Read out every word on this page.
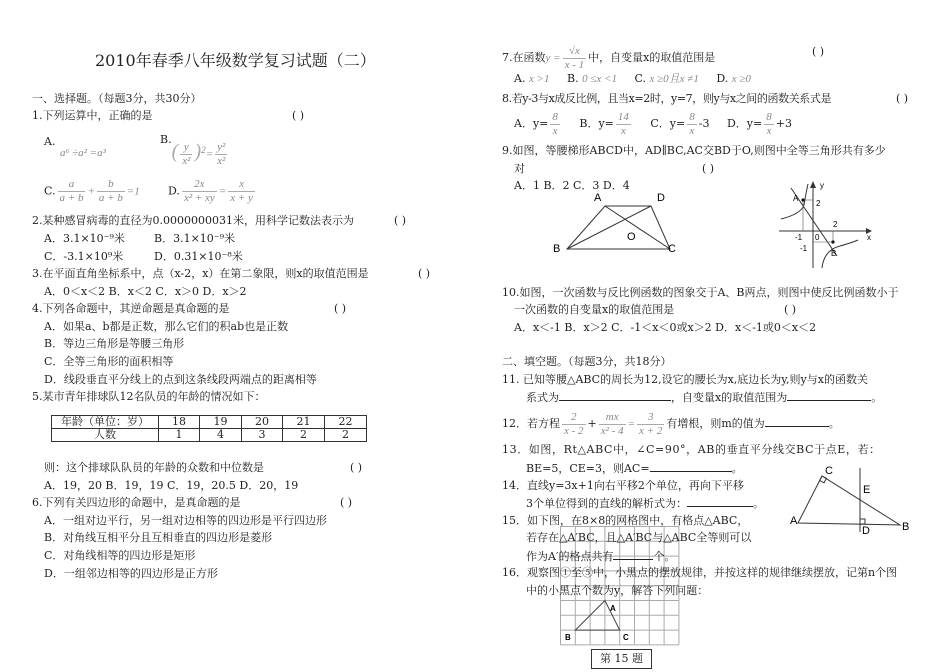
2010年春季八年级数学复习试题（二）
一、选择题。（每题3分，共30分）
1.下列运算中，正确的是	( )
A.
a⁶ ÷a² =a³
$B.( \frac{y}{\text{x²}} )^2= \frac{\text{y²}}{\text{x²}}$
C. $\frac{a}{a + b} + \frac{b}{a + b} =1$	D. $\frac{2x}{\text{x² + xy}} = \frac{x}{x + y}$
2.某种感冒病毒的直径为0.0000000031米，用科学记数法表示为	( )
A．3.1×10⁻⁹米	B．3.1×10⁻⁹米
C．-3.1×10⁹米	D．0.31×10⁻⁸米
3.在平面直角坐标系中，点（x-2，x）在第二象限，则x的取值范围是	( )
A．0＜x＜2 B．x＜2 C．x＞0 D．x＞2
4.下列各命题中，其逆命题是真命题的是	( )
A．如果a、b都是正数，那么它们的积ab也是正数
B．等边三角形是等腰三角形
C．全等三角形的面积相等
D．线段垂直平分线上的点到这条线段两端点的距离相等
5.某市青年排球队12名队员的年龄的情况如下：
年龄（单位：岁）	18	19	20	21	22
人数	1	4	3	2	2
则：这个排球队队员的年龄的众数和中位数是	( )
A．19，20 B．19，19 C．19，20.5 D．20，19
6.下列有关四边形的命题中，是真命题的是	( )
A．一组对边平行，另一组对边相等的四边形是平行四边形
B．对角线互相平分且互相垂直的四边形是菱形
C．对角线相等的四边形是矩形
D．一组邻边相等的四边形是正方形
7.在函数$y = \frac{√x}{x - 1}$ 中，自变量x的取值范围是	( )
A. x >1 B. 0 ≤x <1 C. x ≥0且x ≠1 D. x ≥0
8.若y-3与x成反比例，且当x=2时，y=7，则y与x之间的函数关系式是	( )
A．$y= \frac{8}{x}$ B．$y= \frac{14}{x}$ C．$y= \frac{8}{x} -3$ D．$y= \frac{8}{x} +3$
9.如图，等腰梯形ABCD中，AD∥BC,AC交BD于O,则图中全等三角形共有多少
对	( )
A．1 B．2 C．3 D．4
A	D
B	C
O
y
x
A
B
2
2
-1 0
-1
10.如图，一次函数与反比例函数的图象交于A、B两点，则图中使反比例函数小于
一次函数的自变量x的取值范围是	( )
A．x＜-1 B．x＞2 C．-1＜x＜0或x＞2 D．x＜-1或0＜x＜2
二、填空题。（每题3分，共18分）
11. 已知等腰△ABC的周长为12,设它的腰长为x,底边长为y,则y与x的函数关
系式为	，自变量x的取值范围为	。
12．若方程 $\frac{2}{x - 2} + \frac{mx}{\text{x² - 4}} = \frac{3}{x + 2}$ 有增根，则m的值为	。
13．如图，Rt△ABC中，∠C=90°，AB的垂直平分线交BC于点E，若：
BE=5，CE=3，则AC=	。	C
A	B
E
D
14．直线y=3x+1向右平移2个单位，再向下平移
3个单位得到的直线的解析式为：	。
A
B	C
第 15 题
15．如下图，在8×8的网格图中，有格点△ABC，
若存在△A′BC，且△A′BC与△ABC全等则可以
作为A′的格点共有	个。
16．观察图①至⑤中，小黑点的摆放规律，并按这样的规律继续摆放，记第n个图
中的小黑点个数为y，解答下列问题：
